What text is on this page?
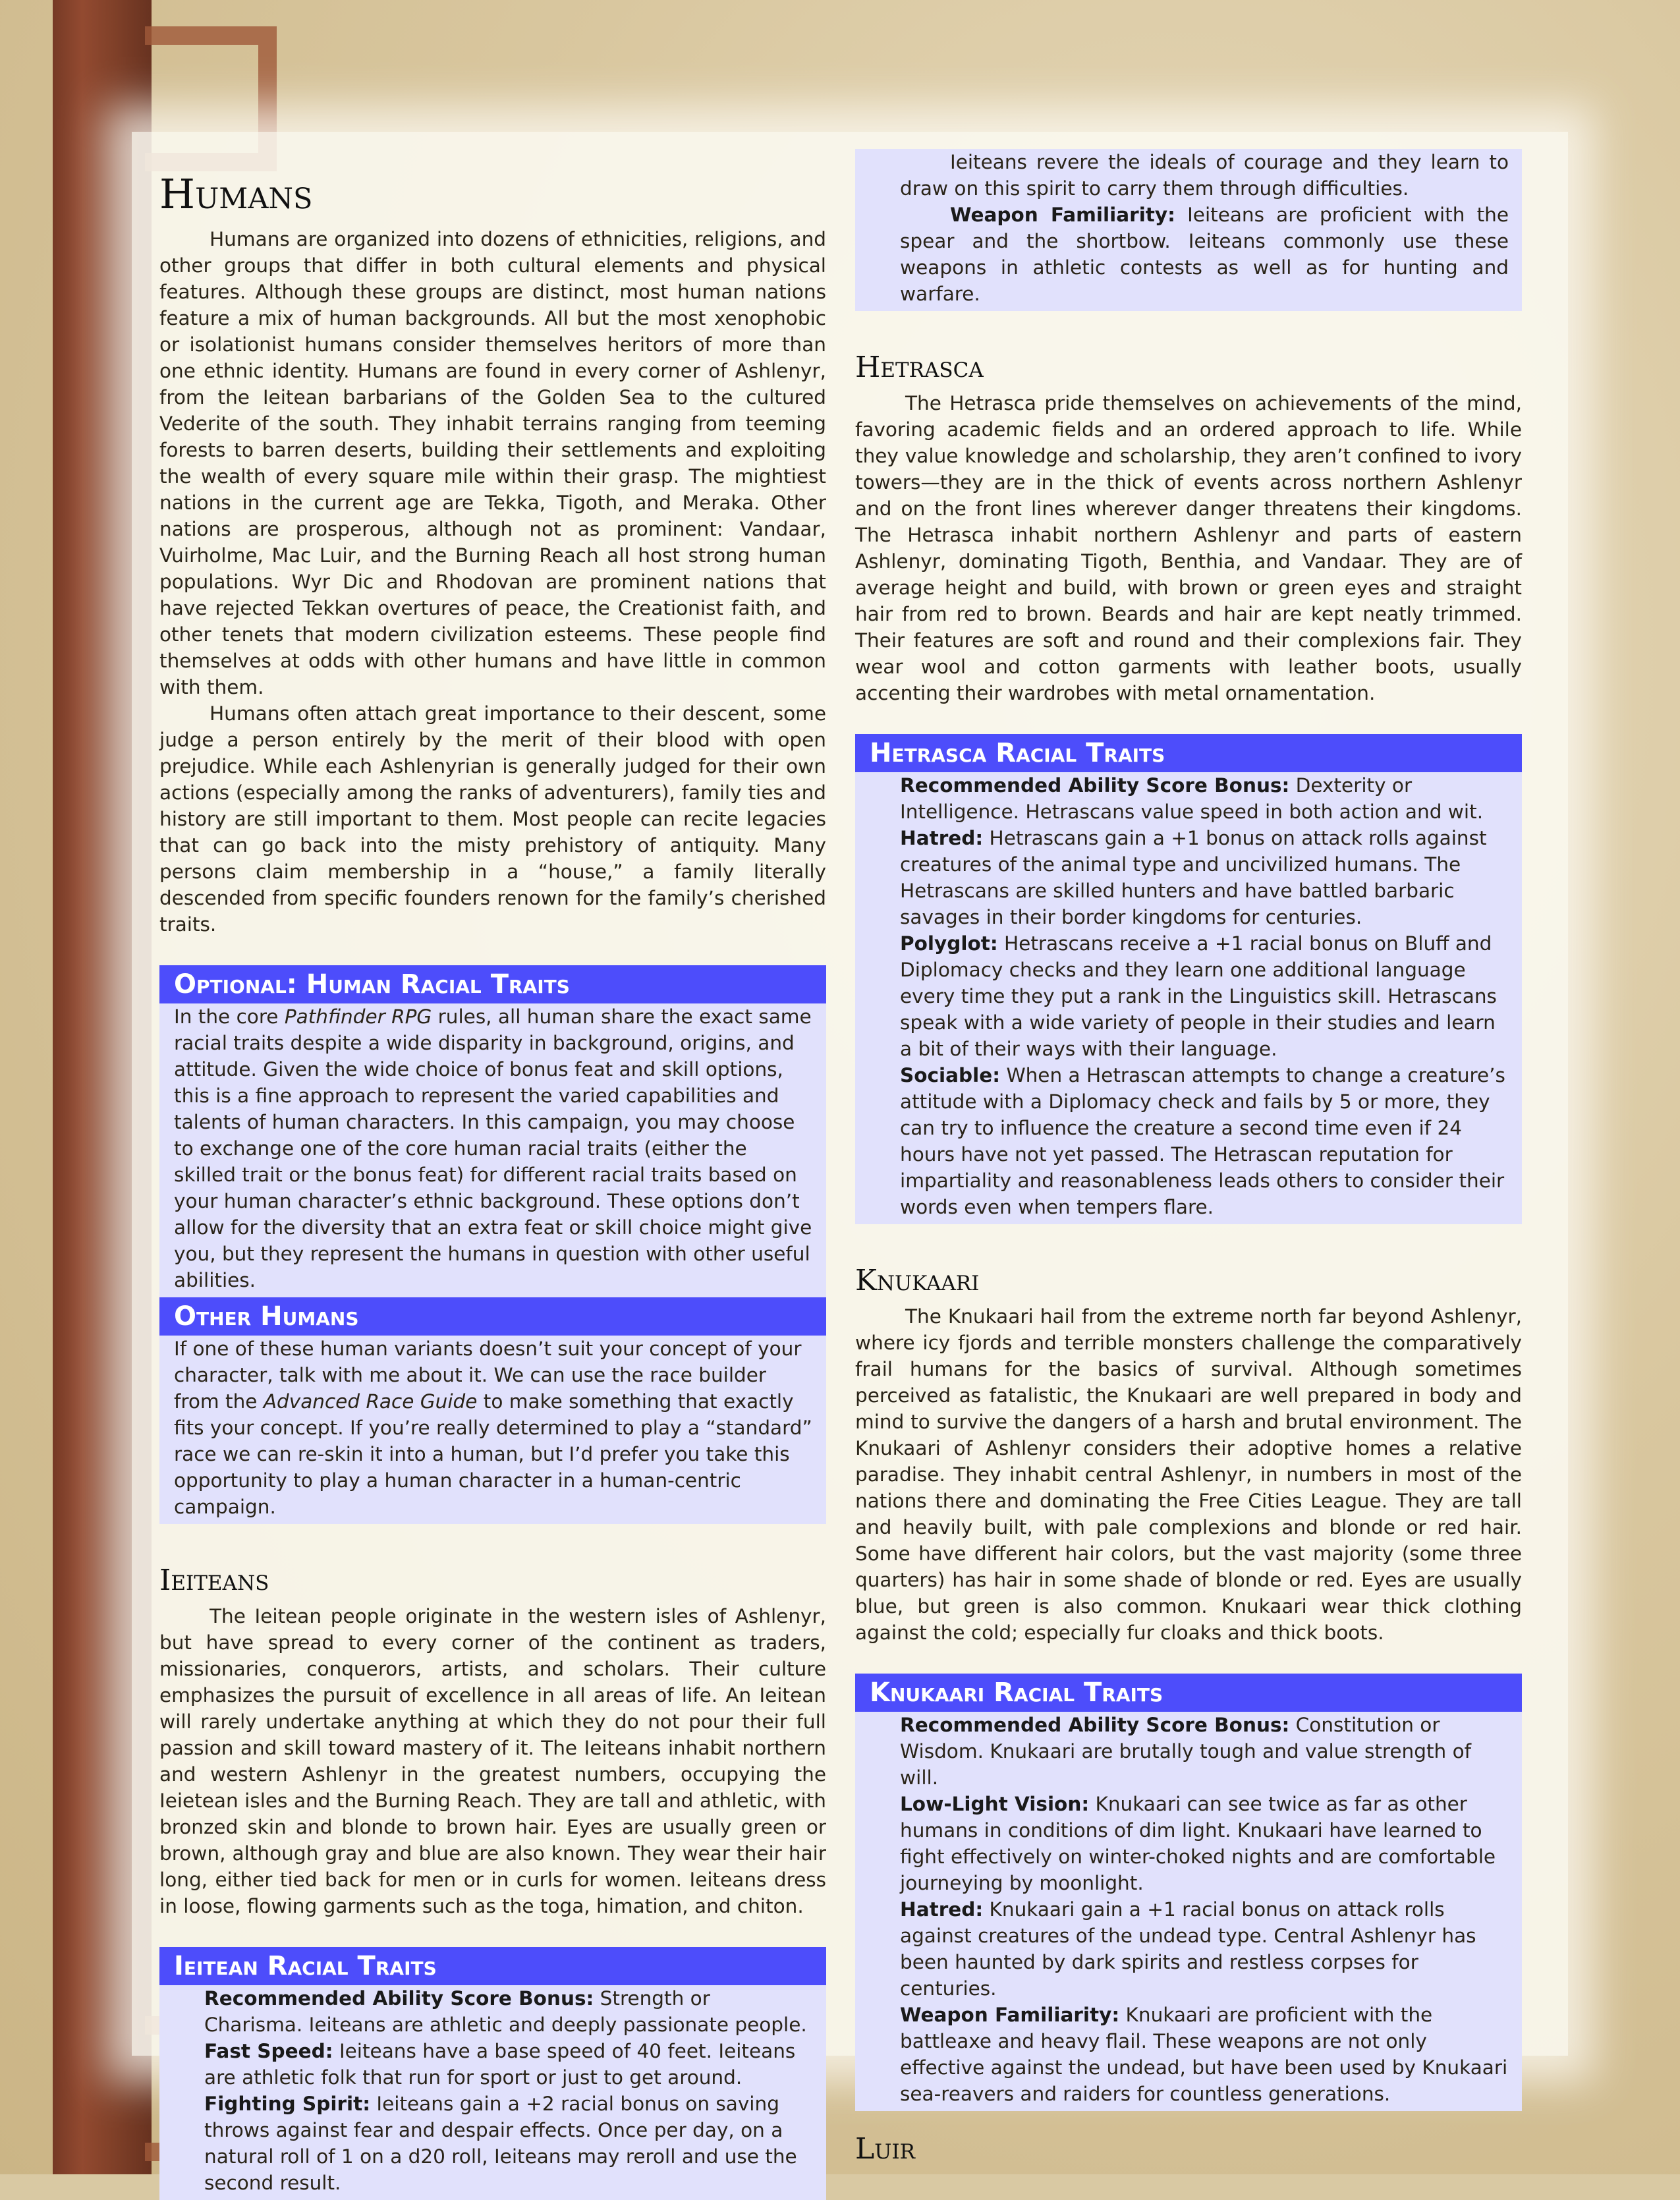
Humans

Humans are organized into dozens of ethnicities, religions, and other groups that differ in both cultural elements and physical features. Although these groups are distinct, most human nations feature a mix of human backgrounds. All but the most xenophobic or isolationist humans consider themselves heritors of more than one ethnic identity. Humans are found in every corner of Ashlenyr, from the Ieitean barbarians of the Golden Sea to the cultured Vederite of the south. They inhabit terrains ranging from teeming forests to barren deserts, building their settlements and exploiting the wealth of every square mile within their grasp. The mightiest nations in the current age are Tekka, Tigoth, and Meraka. Other nations are prosperous, although not as prominent: Vandaar, Vuirholme, Mac Luir, and the Burning Reach all host strong human populations. Wyr Dic and Rhodovan are prominent nations that have rejected Tekkan overtures of peace, the Creationist faith, and other tenets that modern civilization esteems. These people find themselves at odds with other humans and have little in common with them.

Humans often attach great importance to their descent, some judge a person entirely by the merit of their blood with open prejudice. While each Ashlenyrian is generally judged for their own actions (especially among the ranks of adventurers), family ties and history are still important to them. Most people can recite legacies that can go back into the misty prehistory of antiquity. Many persons claim membership in a “house,” a family literally descended from specific founders renown for the family’s cherished traits.

Optional: Human Racial Traits

In the core Pathfinder RPG rules, all human share the exact same racial traits despite a wide disparity in background, origins, and attitude. Given the wide choice of bonus feat and skill options, this is a fine approach to represent the varied capabilities and talents of human characters. In this campaign, you may choose to exchange one of the core human racial traits (either the skilled trait or the bonus feat) for different racial traits based on your human character’s ethnic background. These options don’t allow for the diversity that an extra feat or skill choice might give you, but they represent the humans in question with other useful abilities.

Other Humans

If one of these human variants doesn’t suit your concept of your character, talk with me about it. We can use the race builder from the Advanced Race Guide to make something that exactly fits your concept. If you’re really determined to play a “standard” race we can re-skin it into a human, but I’d prefer you take this opportunity to play a human character in a human-centric campaign.

Ieiteans

The Ieitean people originate in the western isles of Ashlenyr, but have spread to every corner of the continent as traders, missionaries, conquerors, artists, and scholars. Their culture emphasizes the pursuit of excellence in all areas of life. An Ieitean will rarely undertake anything at which they do not pour their full passion and skill toward mastery of it. The Ieiteans inhabit northern and western Ashlenyr in the greatest numbers, occupying the Ieietean isles and the Burning Reach. They are tall and athletic, with bronzed skin and blonde to brown hair. Eyes are usually green or brown, although gray and blue are also known. They wear their hair long, either tied back for men or in curls for women. Ieiteans dress in loose, flowing garments such as the toga, himation, and chiton.

Ieitean Racial Traits

Recommended Ability Score Bonus: Strength or Charisma. Ieiteans are athletic and deeply passionate people.

Fast Speed: Ieiteans have a base speed of 40 feet. Ieiteans are athletic folk that run for sport or just to get around.

Fighting Spirit: Ieiteans gain a +2 racial bonus on saving throws against fear and despair effects. Once per day, on a natural roll of 1 on a d20 roll, Ieiteans may reroll and use the second result.

Ieiteans revere the ideals of courage and they learn to draw on this spirit to carry them through difficulties.

Weapon Familiarity: Ieiteans are proficient with the spear and the shortbow. Ieiteans commonly use these weapons in athletic contests as well as for hunting and warfare.

Hetrasca

The Hetrasca pride themselves on achievements of the mind, favoring academic fields and an ordered approach to life. While they value knowledge and scholarship, they aren’t confined to ivory towers—they are in the thick of events across northern Ashlenyr and on the front lines wherever danger threatens their kingdoms. The Hetrasca inhabit northern Ashlenyr and parts of eastern Ashlenyr, dominating Tigoth, Benthia, and Vandaar. They are of average height and build, with brown or green eyes and straight hair from red to brown. Beards and hair are kept neatly trimmed. Their features are soft and round and their complexions fair. They wear wool and cotton garments with leather boots, usually accenting their wardrobes with metal ornamentation.

Hetrasca Racial Traits

Recommended Ability Score Bonus: Dexterity or Intelligence. Hetrascans value speed in both action and wit.

Hatred: Hetrascans gain a +1 bonus on attack rolls against creatures of the animal type and uncivilized humans. The Hetrascans are skilled hunters and have battled barbaric savages in their border kingdoms for centuries.

Polyglot: Hetrascans receive a +1 racial bonus on Bluff and Diplomacy checks and they learn one additional language every time they put a rank in the Linguistics skill. Hetrascans speak with a wide variety of people in their studies and learn a bit of their ways with their language.

Sociable: When a Hetrascan attempts to change a creature’s attitude with a Diplomacy check and fails by 5 or more, they can try to influence the creature a second time even if 24 hours have not yet passed. The Hetrascan reputation for impartiality and reasonableness leads others to consider their words even when tempers flare.

Knukaari

The Knukaari hail from the extreme north far beyond Ashlenyr, where icy fjords and terrible monsters challenge the comparatively frail humans for the basics of survival. Although sometimes perceived as fatalistic, the Knukaari are well prepared in body and mind to survive the dangers of a harsh and brutal environment. The Knukaari of Ashlenyr considers their adoptive homes a relative paradise. They inhabit central Ashlenyr, in numbers in most of the nations there and dominating the Free Cities League. They are tall and heavily built, with pale complexions and blonde or red hair. Some have different hair colors, but the vast majority (some three quarters) has hair in some shade of blonde or red. Eyes are usually blue, but green is also common. Knukaari wear thick clothing against the cold; especially fur cloaks and thick boots.

Knukaari Racial Traits

Recommended Ability Score Bonus: Constitution or Wisdom. Knukaari are brutally tough and value strength of will.

Low-Light Vision: Knukaari can see twice as far as other humans in conditions of dim light. Knukaari have learned to fight effectively on winter-choked nights and are comfortable journeying by moonlight.

Hatred: Knukaari gain a +1 racial bonus on attack rolls against creatures of the undead type. Central Ashlenyr has been haunted by dark spirits and restless corpses for centuries.

Weapon Familiarity: Knukaari are proficient with the battleaxe and heavy flail. These weapons are not only effective against the undead, but have been used by Knukaari sea-reavers and raiders for countless generations.

Luir
